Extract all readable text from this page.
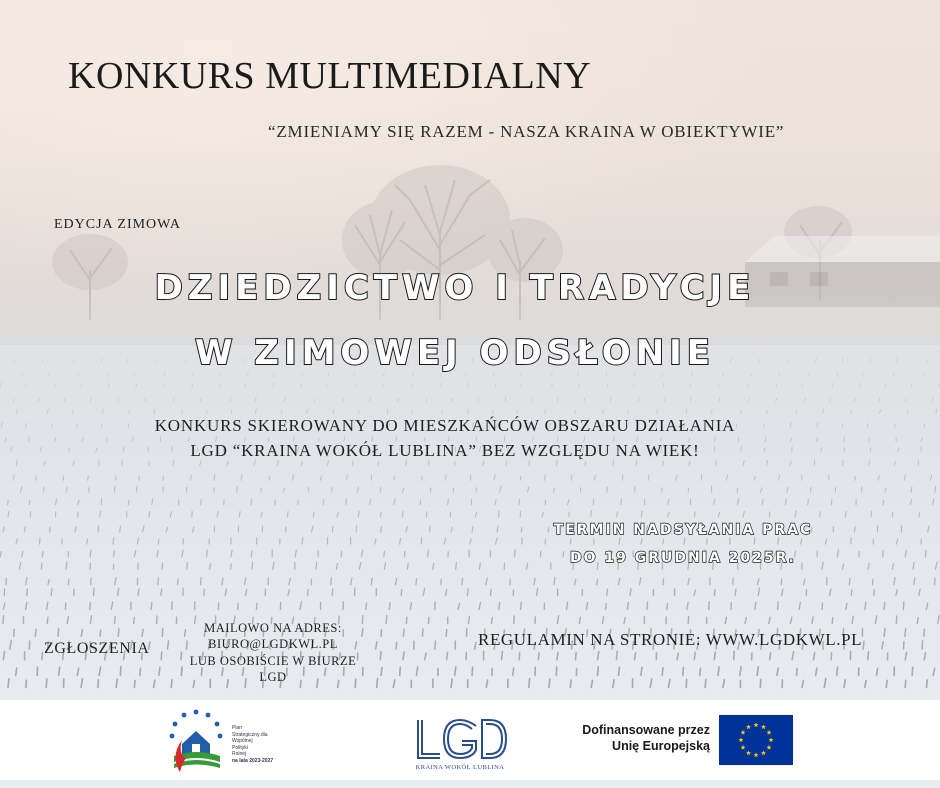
KONKURS MULTIMEDIALNY
“ZMIENIAMY SIĘ RAZEM - NASZA KRAINA W OBIEKTYWIE”
EDYCJA ZIMOWA
DZIEDZICTWO I TRADYCJE
W ZIMOWEJ ODSŁONIE
KONKURS SKIEROWANY DO MIESZKAŃCÓW OBSZARU DZIAŁANIA
LGD “KRAINA WOKÓŁ LUBLINA” BEZ WZGLĘDU NA WIEK!
TERMIN NADSYŁANIA PRAC
DO 19 GRUDNIA 2025R.
ZGŁOSZENIA
MAILOWO NA ADRES:
BIURO@LGDKWL.PL
LUB OSOBIŚCIE W BIURZE
LGD
REGULAMIN NA STRONIE: WWW.LGDKWL.PL
Plan
Strategiczny dla
Wspólnej
Polityki
Rolnej
na lata 2023-2027
KRAINA WOKÓŁ LUBLINA
Dofinansowane przez
Unię Europejską
